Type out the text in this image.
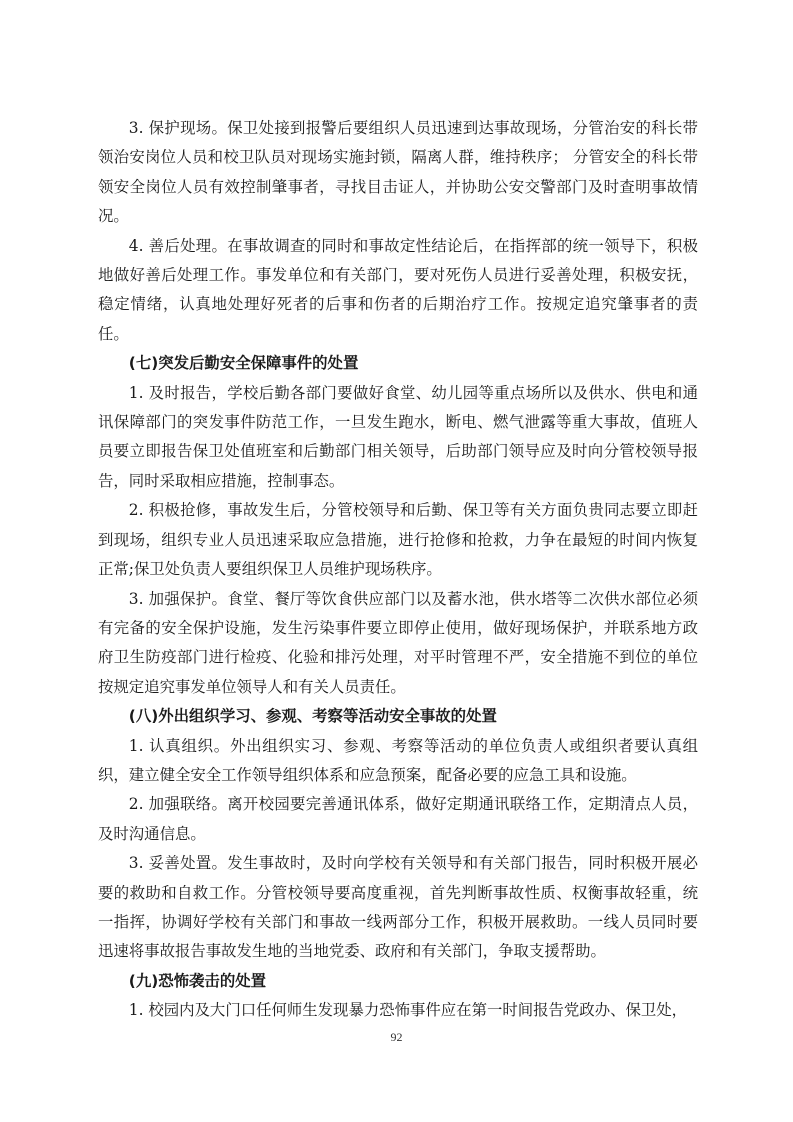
3. 保护现场。保卫处接到报警后要组织人员迅速到达事故现场，分管治安的科长带领治安岗位人员和校卫队员对现场实施封锁，隔离人群，维持秩序； 分管安全的科长带领安全岗位人员有效控制肇事者，寻找目击证人，并协助公安交警部门及时查明事故情况。

4. 善后处理。在事故调查的同时和事故定性结论后，在指挥部的统一领导下，积极地做好善后处理工作。事发单位和有关部门，要对死伤人员进行妥善处理，积极安抚，稳定情绪，认真地处理好死者的后事和伤者的后期治疗工作。按规定追究肇事者的责任。

(七)突发后勤安全保障事件的处置

1. 及时报告，学校后勤各部门要做好食堂、幼儿园等重点场所以及供水、供电和通讯保障部门的突发事件防范工作，一旦发生跑水，断电、燃气泄露等重大事故，值班人员要立即报告保卫处值班室和后勤部门相关领导，后助部门领导应及时向分管校领导报告，同时采取相应措施，控制事态。

2. 积极抢修，事故发生后，分管校领导和后勤、保卫等有关方面负贵同志要立即赶到现场，组织专业人员迅速采取应急措施，进行抢修和抢救，力争在最短的时间内恢复正常;保卫处负责人要组织保卫人员维护现场秩序。

3. 加强保护。食堂、餐厅等饮食供应部门以及蓄水池，供水塔等二次供水部位必须有完备的安全保护设施，发生污染事件要立即停止使用，做好现场保护，并联系地方政府卫生防疫部门进行检疫、化验和排污处理，对平时管理不严，安全措施不到位的单位按规定追究事发单位领导人和有关人员责任。

(八)外出组织学习、参观、考察等活动安全事故的处置

1. 认真组织。外出组织实习、参观、考察等活动的单位负责人或组织者要认真组织，建立健全安全工作领导组织体系和应急预案，配备必要的应急工具和设施。

2. 加强联络。离开校园要完善通讯体系，做好定期通讯联络工作，定期清点人员，及时沟通信息。

3. 妥善处置。发生事故时，及时向学校有关领导和有关部门报告，同时积极开展必要的救助和自救工作。分管校领导要高度重视，首先判断事故性质、权衡事故轻重，统一指挥，协调好学校有关部门和事故一线两部分工作，积极开展救助。一线人员同时要迅速将事故报告事故发生地的当地党委、政府和有关部门，争取支援帮助。

(九)恐怖袭击的处置

1. 校园内及大门口任何师生发现暴力恐怖事件应在第一时间报告党政办、保卫处，

92
